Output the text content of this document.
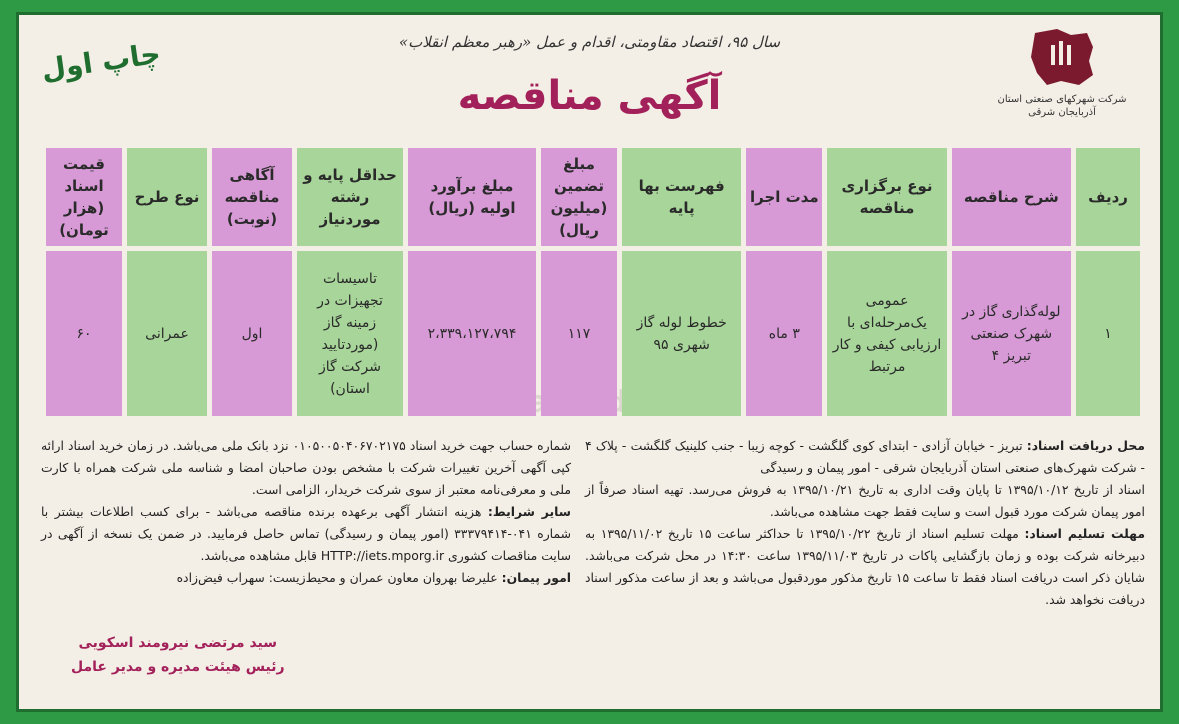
شرکت شهرکهای صنعتی استان
آذربایجان شرقی
سال ۹۵، اقتصاد مقاومتی، اقدام و عمل «رهبر معظم انقلاب»
آگهی مناقصه
چاپ اول
ردیف	شرح مناقصه	نوع برگزاری مناقصه	مدت اجرا	فهرست بها پایه	مبلغ تضمین (میلیون ریال)	مبلغ برآورد اولیه (ریال)	حداقل پایه و رشته موردنیاز	آگاهی مناقصه (نوبت)	نوع طرح	قیمت اسناد (هزار تومان)
۱	لوله‌گذاری گاز در شهرک صنعتی تبریز ۴	عمومی یک‌مرحله‌ای با ارزیابی کیفی و کار مرتبط	۳ ماه	خطوط لوله گاز شهری ۹۵	۱۱۷	۲،۳۳۹،۱۲۷،۷۹۴	تاسیسات تجهیزات در زمینه گاز (موردتایید شرکت گاز استان)	اول	عمرانی	۶۰

محل دریافت اسناد: تبریز - خیابان آزادی - ابتدای کوی گلگشت - کوچه زیبا - جنب کلینیک گلگشت - پلاک ۴ - شرکت شهرک‌های صنعتی استان آذربایجان شرقی - امور پیمان و رسیدگی

اسناد از تاریخ ۱۳۹۵/۱۰/۱۲ تا پایان وقت اداری به تاریخ ۱۳۹۵/۱۰/۲۱ به فروش می‌رسد. تهیه اسناد صرفاً از امور پیمان شرکت مورد قبول است و سایت فقط جهت مشاهده می‌باشد.

مهلت تسلیم اسناد: مهلت تسلیم اسناد از تاریخ ۱۳۹۵/۱۰/۲۲ تا حداکثر ساعت ۱۵ تاریخ ۱۳۹۵/۱۱/۰۲ به دبیرخانه شرکت بوده و زمان بازگشایی پاکات در تاریخ ۱۳۹۵/۱۱/۰۳ ساعت ۱۴:۳۰ در محل شرکت می‌باشد. شایان ذکر است دریافت اسناد فقط تا ساعت ۱۵ تاریخ مذکور موردقبول می‌باشد و بعد از ساعت مذکور اسناد دریافت نخواهد شد.

شماره حساب جهت خرید اسناد ۰۱۰۵۰۰۵۰۴۰۶۷۰۲۱۷۵ نزد بانک ملی می‌باشد. در زمان خرید اسناد ارائه کپی آگهی آخرین تغییرات شرکت با مشخص بودن صاحبان امضا و شناسه ملی شرکت همراه با کارت ملی و معرفی‌نامه معتبر از سوی شرکت خریدار، الزامی است.

سایر شرایط: هزینه انتشار آگهی برعهده برنده مناقصه می‌باشد - برای کسب اطلاعات بیشتر با شماره ۰۴۱-۳۳۳۷۹۴۱۴ (امور پیمان و رسیدگی) تماس حاصل فرمایید. در ضمن یک نسخه از آگهی در سایت مناقصات کشوری HTTP://iets.mporg.ir قابل مشاهده می‌باشد.

امور پیمان: علیرضا بهروان معاون عمران و محیط‌زیست: سهراب فیض‌زاده

سید مرتضی نیرومند اسکویی
رئیس هیئت مدیره و مدیر عامل
